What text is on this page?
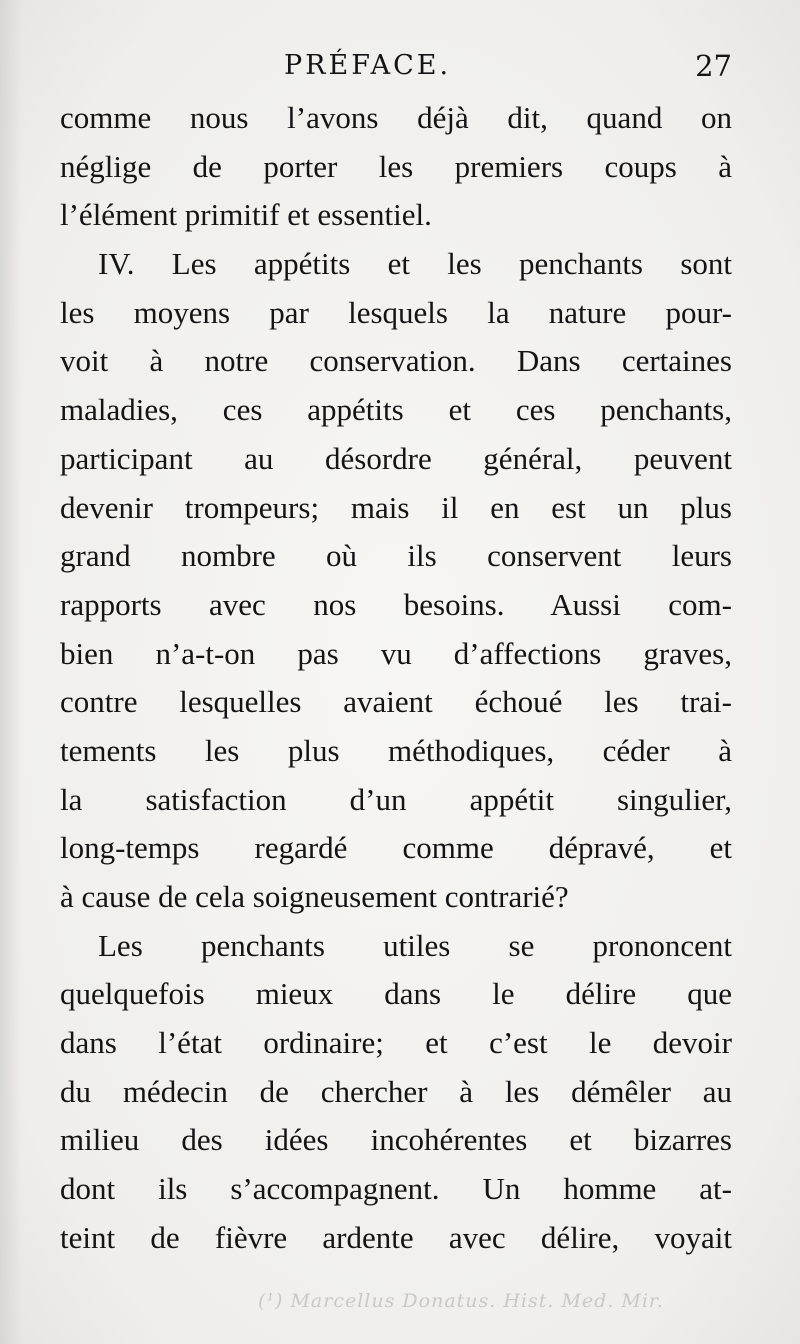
PRÉFACE.	27
comme nous l’avons déjà dit, quand on
néglige de porter les premiers coups à
l’élément primitif et essentiel.
IV. Les appétits et les penchants sont
les moyens par lesquels la nature pour-
voit à notre conservation. Dans certaines
maladies, ces appétits et ces penchants,
participant au désordre général, peuvent
devenir trompeurs; mais il en est un plus
grand nombre où ils conservent leurs
rapports avec nos besoins. Aussi com-
bien n’a-t-on pas vu d’affections graves,
contre lesquelles avaient échoué les trai-
tements les plus méthodiques, céder à
la satisfaction d’un appétit singulier,
long-temps regardé comme dépravé, et
à cause de cela soigneusement contrarié?
Les penchants utiles se prononcent
quelquefois mieux dans le délire que
dans l’état ordinaire; et c’est le devoir
du médecin de chercher à les démêler au
milieu des idées incohérentes et bizarres
dont ils s’accompagnent. Un homme at-
teint de fièvre ardente avec délire, voyait
(¹) Marcellus Donatus. Hist. Med. Mir.
